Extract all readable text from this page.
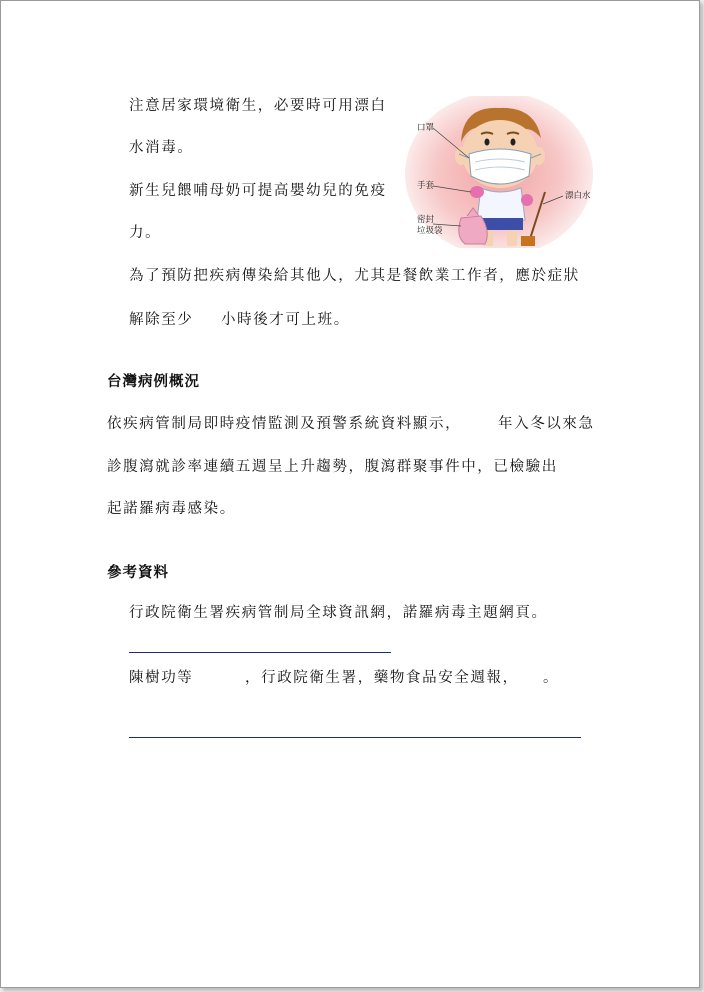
注意居家環境衛生，必要時可用漂白
水消毒。
新生兒餵哺母奶可提高嬰幼兒的免疫
力。
口罩
手套
漂白水
密封
垃圾袋
為了預防把疾病傳染給其他人，尤其是餐飲業工作者，應於症狀
解除至少 小時後才可上班。
台灣病例概況
依疾病管制局即時疫情監測及預警系統資料顯示，	年入冬以來急
診腹瀉就診率連續五週呈上升趨勢，腹瀉群聚事件中，已檢驗出
起諾羅病毒感染。
參考資料
行政院衛生署疾病管制局全球資訊網，諾羅病毒主題網頁。
陳樹功等	，行政院衛生署，藥物食品安全週報， 。
